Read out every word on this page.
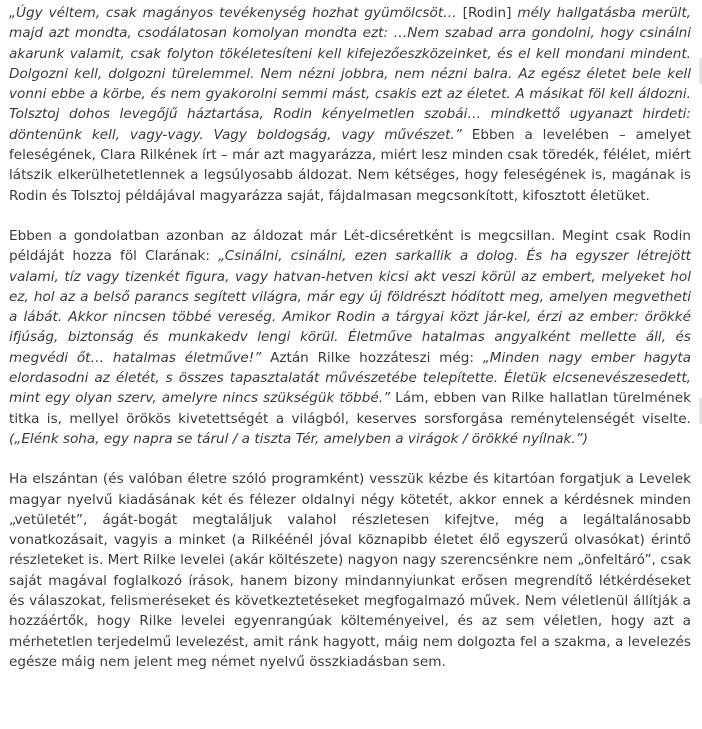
„Úgy véltem, csak magányos tevékenység hozhat gyümölcsöt… [Rodin] mély hallgatásba merült, majd azt mondta, csodálatosan komolyan mondta ezt: …Nem szabad arra gondolni, hogy csinálni akarunk valamit, csak folyton tökéletesíteni kell kifejezőeszközeinket, és el kell mondani mindent. Dolgozni kell, dolgozni türelemmel. Nem nézni jobbra, nem nézni balra. Az egész életet bele kell vonni ebbe a körbe, és nem gyakorolni semmi mást, csakis ezt az életet. A másikat föl kell áldozni. Tolsztoj dohos levegőjű háztartása, Rodin kényelmetlen szobái… mindkettő ugyanazt hirdeti: döntenünk kell, vagy-vagy. Vagy boldogság, vagy művészet.” Ebben a levelében – amelyet feleségének, Clara Rilkének írt – már azt magyarázza, miért lesz minden csak töredék, félélet, miért látszik elkerülhetetlennek a legsúlyosabb áldozat. Nem kétséges, hogy feleségének is, magának is Rodin és Tolsztoj példájával magyarázza saját, fájdalmasan megcsonkított, kifosztott életüket.

Ebben a gondolatban azonban az áldozat már Lét-dicséretként is megcsillan. Megint csak Rodin példáját hozza föl Clarának: „Csinálni, csinálni, ezen sarkallik a dolog. És ha egyszer létrejött valami, tíz vagy tizenkét figura, vagy hatvan-hetven kicsi akt veszi körül az embert, melyeket hol ez, hol az a belső parancs segített világra, már egy új földrészt hódított meg, amelyen megvetheti a lábát. Akkor nincsen többé vereség. Amikor Rodin a tárgyai közt jár-kel, érzi az ember: örökké ifjúság, biztonság és munkakedv lengi körül. Életműve hatalmas angyalként mellette áll, és megvédi őt… hatalmas életműve!” Aztán Rilke hozzáteszi még: „Minden nagy ember hagyta elordasodni az életét, s összes tapasztalatát művészetébe telepítette. Életük elcsenevészesedett, mint egy olyan szerv, amelyre nincs szükségük többé.” Lám, ebben van Rilke hallatlan türelmének titka is, mellyel örökös kivetettségét a világból, keserves sorsforgása reménytelenségét viselte. („Elénk soha, egy napra se tárul / a tiszta Tér, amelyben a virágok / örökké nyílnak.”)

Ha elszántan (és valóban életre szóló programként) vesszük kézbe és kitartóan forgatjuk a Levelek magyar nyelvű kiadásának két és félezer oldalnyi négy kötetét, akkor ennek a kérdésnek minden „vetületét”, ágát-bogát megtaláljuk valahol részletesen kifejtve, még a legáltalánosabb vonatkozásait, vagyis a minket (a Rilkéénél jóval köznapibb életet élő egyszerű olvasókat) érintő részleteket is. Mert Rilke levelei (akár költészete) nagyon nagy szerencsénkre nem „önfeltáró”, csak saját magával foglalkozó írások, hanem bizony mindannyiunkat erősen megrendítő létkérdéseket és válaszokat, felismeréseket és következtetéseket megfogalmazó művek. Nem véletlenül állítják a hozzáértők, hogy Rilke levelei egyenrangúak költeményeivel, és az sem véletlen, hogy azt a mérhetetlen terjedelmű levelezést, amit ránk hagyott, máig nem dolgozta fel a szakma, a levelezés egésze máig nem jelent meg német nyelvű összkiadásban sem.
